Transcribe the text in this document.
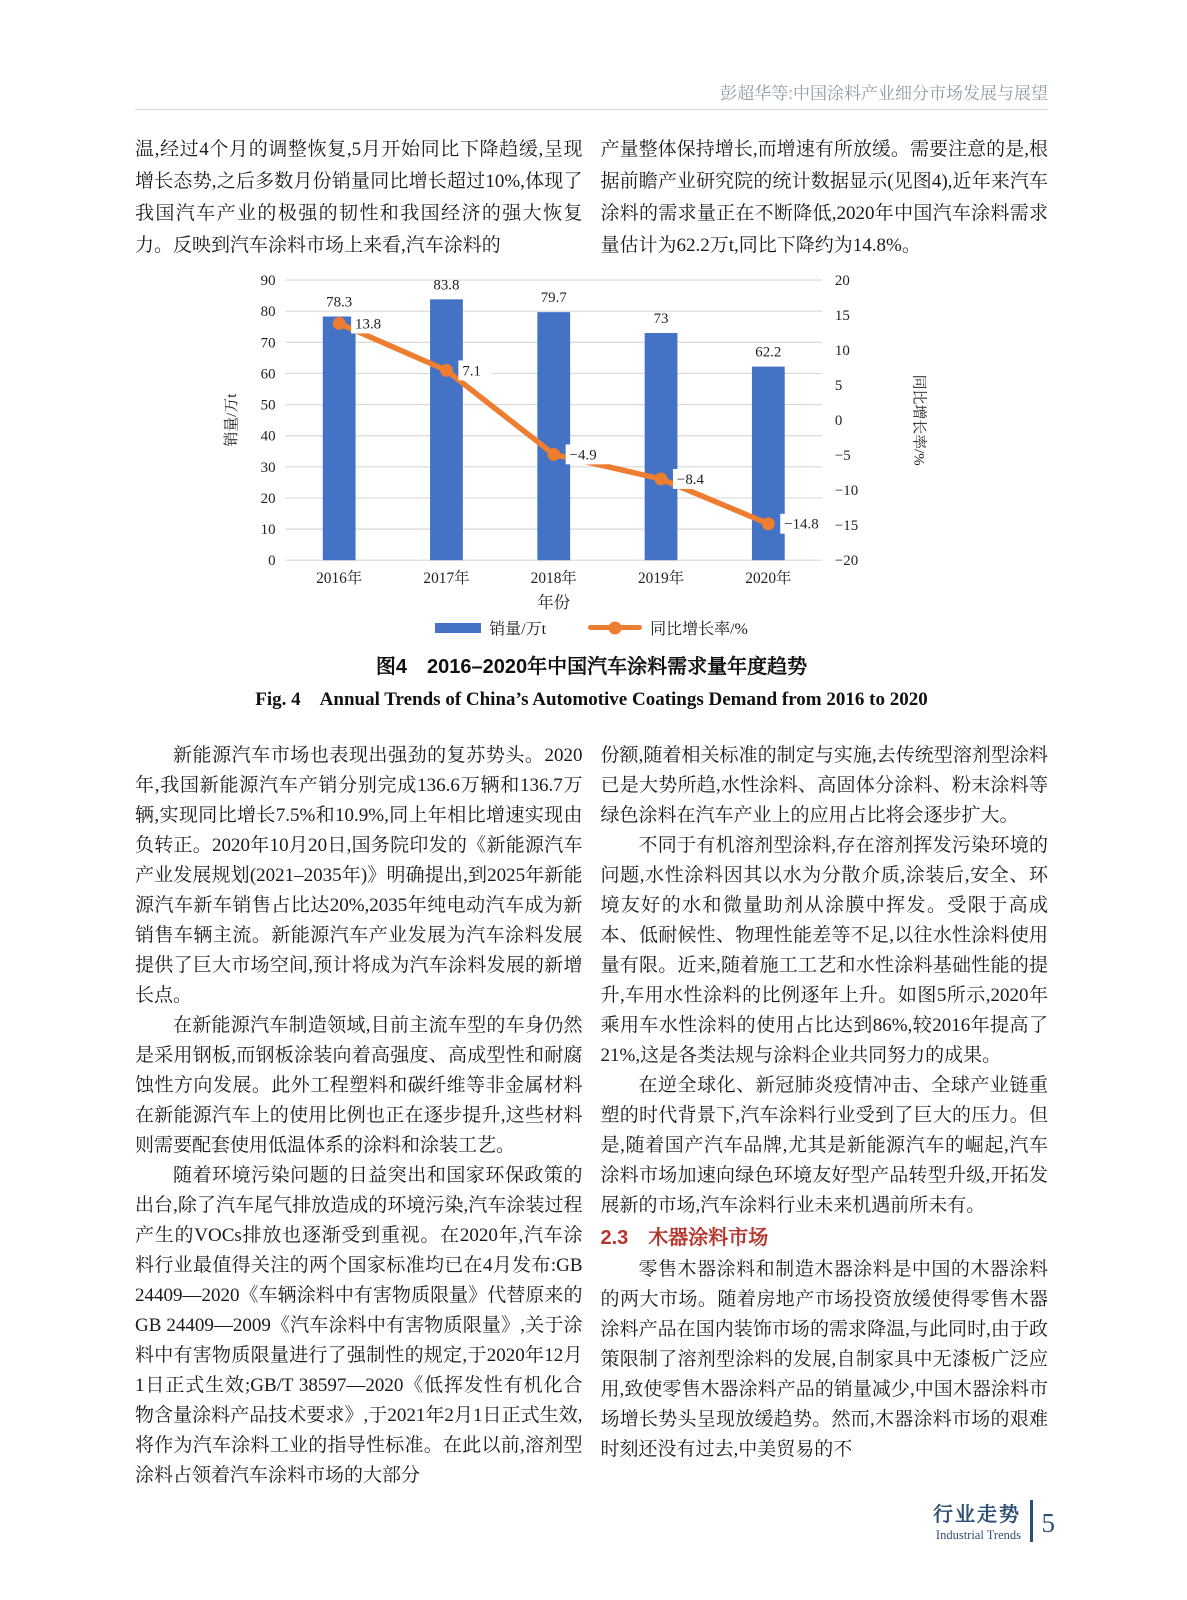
彭超华等:中国涂料产业细分市场发展与展望

温,经过4个月的调整恢复,5月开始同比下降趋缓,呈现增长态势,之后多数月份销量同比增长超过10%,体现了我国汽车产业的极强的韧性和我国经济的强大恢复力。反映到汽车涂料市场上来看,汽车涂料的

产量整体保持增长,而增速有所放缓。需要注意的是,根据前瞻产业研究院的统计数据显示(见图4),近年来汽车涂料的需求量正在不断降低,2020年中国汽车涂料需求量估计为62.2万t,同比下降约为14.8%。

0
10
20
30
40
50
60
70
80
90
−20
−15
−10
−5
0
5
10
15
20
78.3
83.8
79.7
73
62.2
13.8
7.1
−4.9
−8.4
−14.8
2016年	2017年	2018年	2019年	2020年
年份
销量/万t	同比增长率/%
销量/万t	同比增长率/%
图4　2016–2020年中国汽车涂料需求量年度趋势
Fig. 4　Annual Trends of China’s Automotive Coatings Demand from 2016 to 2020

新能源汽车市场也表现出强劲的复苏势头。2020年,我国新能源汽车产销分别完成136.6万辆和136.7万辆,实现同比增长7.5%和10.9%,同上年相比增速实现由负转正。2020年10月20日,国务院印发的《新能源汽车产业发展规划(2021–2035年)》明确提出,到2025年新能源汽车新车销售占比达20%,2035年纯电动汽车成为新销售车辆主流。新能源汽车产业发展为汽车涂料发展提供了巨大市场空间,预计将成为汽车涂料发展的新增长点。

在新能源汽车制造领域,目前主流车型的车身仍然是采用钢板,而钢板涂装向着高强度、高成型性和耐腐蚀性方向发展。此外工程塑料和碳纤维等非金属材料在新能源汽车上的使用比例也正在逐步提升,这些材料则需要配套使用低温体系的涂料和涂装工艺。

随着环境污染问题的日益突出和国家环保政策的出台,除了汽车尾气排放造成的环境污染,汽车涂装过程产生的VOCs排放也逐渐受到重视。在2020年,汽车涂料行业最值得关注的两个国家标准均已在4月发布:GB 24409—2020《车辆涂料中有害物质限量》代替原来的GB 24409—2009《汽车涂料中有害物质限量》,关于涂料中有害物质限量进行了强制性的规定,于2020年12月1日正式生效;GB/T 38597—2020《低挥发性有机化合物含量涂料产品技术要求》,于2021年2月1日正式生效,将作为汽车涂料工业的指导性标准。在此以前,溶剂型涂料占领着汽车涂料市场的大部分

份额,随着相关标准的制定与实施,去传统型溶剂型涂料已是大势所趋,水性涂料、高固体分涂料、粉末涂料等绿色涂料在汽车产业上的应用占比将会逐步扩大。

不同于有机溶剂型涂料,存在溶剂挥发污染环境的问题,水性涂料因其以水为分散介质,涂装后,安全、环境友好的水和微量助剂从涂膜中挥发。受限于高成本、低耐候性、物理性能差等不足,以往水性涂料使用量有限。近来,随着施工工艺和水性涂料基础性能的提升,车用水性涂料的比例逐年上升。如图5所示,2020年乘用车水性涂料的使用占比达到86%,较2016年提高了21%,这是各类法规与涂料企业共同努力的成果。

在逆全球化、新冠肺炎疫情冲击、全球产业链重塑的时代背景下,汽车涂料行业受到了巨大的压力。但是,随着国产汽车品牌,尤其是新能源汽车的崛起,汽车涂料市场加速向绿色环境友好型产品转型升级,开拓发展新的市场,汽车涂料行业未来机遇前所未有。

2.3　木器涂料市场

零售木器涂料和制造木器涂料是中国的木器涂料的两大市场。随着房地产市场投资放缓使得零售木器涂料产品在国内装饰市场的需求降温,与此同时,由于政策限制了溶剂型涂料的发展,自制家具中无漆板广泛应用,致使零售木器涂料产品的销量减少,中国木器涂料市场增长势头呈现放缓趋势。然而,木器涂料市场的艰难时刻还没有过去,中美贸易的不

行业走势
Industrial Trends 5
